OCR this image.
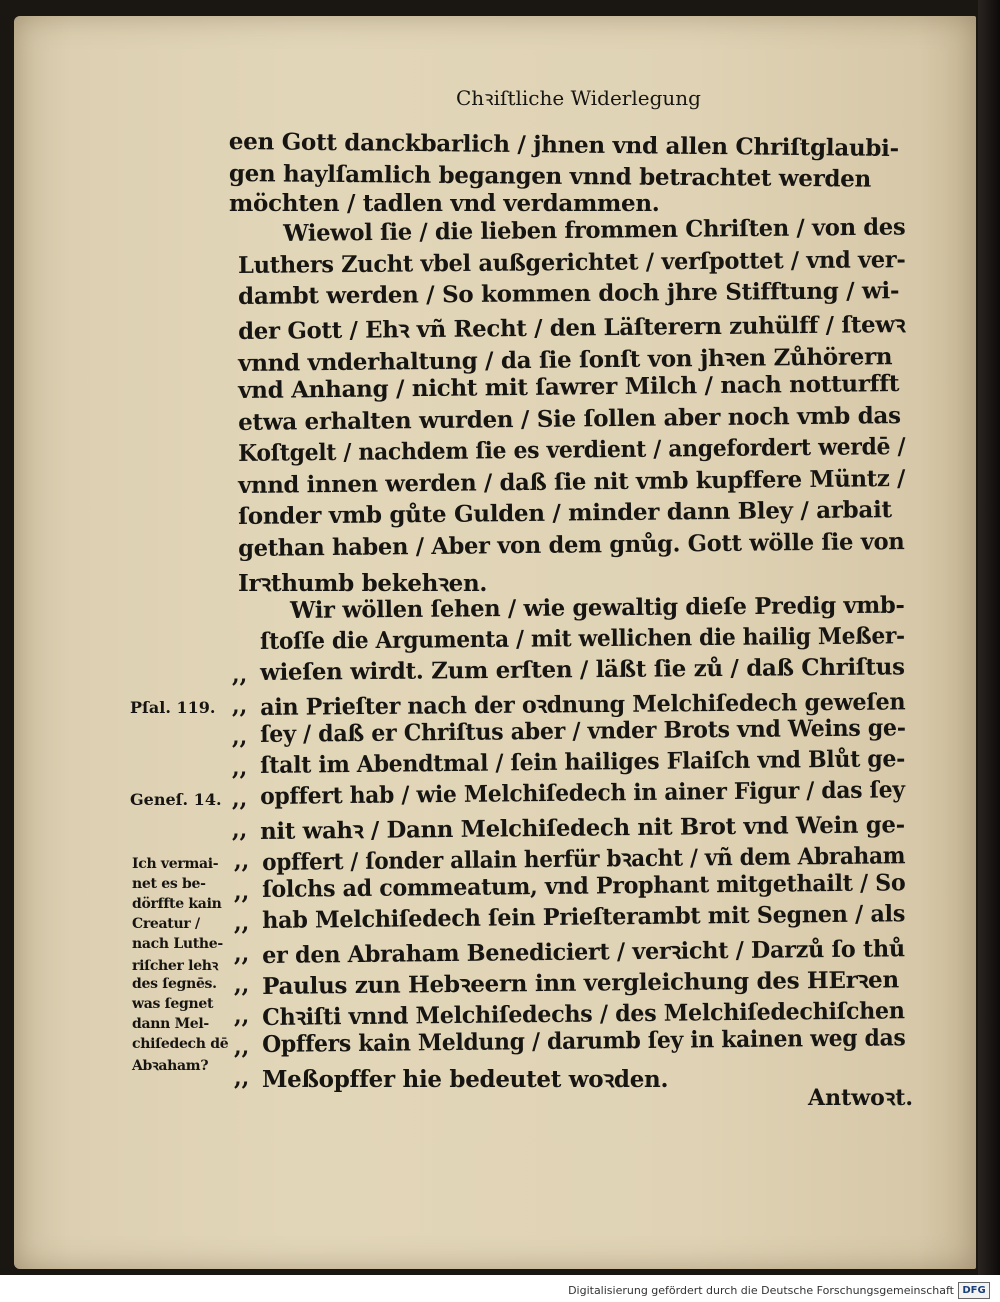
Chꝛiſtliche Widerlegung
een Gott danckbarlich / jhnen vnd allen Chriſtglaubi-
gen haylſamlich begangen vnnd betrachtet werden
möchten / tadlen vnd verdammen.
Wiewol ſie / die lieben frommen Chriſten / von des
Luthers Zucht vbel außgerichtet / verſpottet / vnd ver-
dambt werden / So kommen doch jhre Stifftung / wi-
der Gott / Ehꝛ vñ Recht / den Läſterern zuhülff / ſtewꝛ
vnnd vnderhaltung / da ſie ſonſt von jhꝛen Zůhörern
vnd Anhang / nicht mit ſawrer Milch / nach notturfft
etwa erhalten wurden / Sie ſollen aber noch vmb das
Koſtgelt / nachdem ſie es verdient / angefordert werdē /
vnnd innen werden / daß ſie nit vmb kupffere Müntz /
ſonder vmb gůte Gulden / minder dann Bley / arbait
gethan haben / Aber von dem gnůg. Gott wölle ſie von
Irꝛthumb bekehꝛen.
Wir wöllen ſehen / wie gewaltig dieſe Predig vmb-
ſtoſſe die Argumenta / mit wellichen die hailig Meßer-
wieſen wirdt. Zum erſten / läßt ſie zů / daß Chriſtus
ain Prieſter nach der oꝛdnung Melchiſedech geweſen
ſey / daß er Chriſtus aber / vnder Brots vnd Weins ge-
ſtalt im Abendtmal / ſein hailiges Flaiſch vnd Blůt ge-
opffert hab / wie Melchiſedech in ainer Figur / das ſey
nit wahꝛ / Dann Melchiſedech nit Brot vnd Wein ge-
opffert / ſonder allain herfür bꝛacht / vñ dem Abraham
ſolchs ad commeatum, vnd Prophant mitgethailt / So
hab Melchiſedech ſein Prieſterambt mit Segnen / als
er den Abraham Benediciert / verꝛicht / Darzů ſo thů
Paulus zun Hebꝛeern inn vergleichung des HErꝛen
Chꝛiſti vnnd Melchiſedechs / des Melchiſedechiſchen
Opffers kain Meldung / darumb ſey in kainen weg das
Meßopffer hie bedeutet woꝛden.
,,
,,
,,
,,
,,
,,
,,
,,
,,
,,
,,
,,
,,
,,
Pſal. 119.
Geneſ. 14.
Ich vermai-
net es be-
dörffte kain
Creatur /
nach Luthe-
riſcher lehꝛ
des ſegnēs.
was ſegnet
dann Mel-
chiſedech dē
Abꝛaham?
Antwoꝛt.
Digitalisierung gefördert durch die Deutsche Forschungsgemeinschaft DFG
